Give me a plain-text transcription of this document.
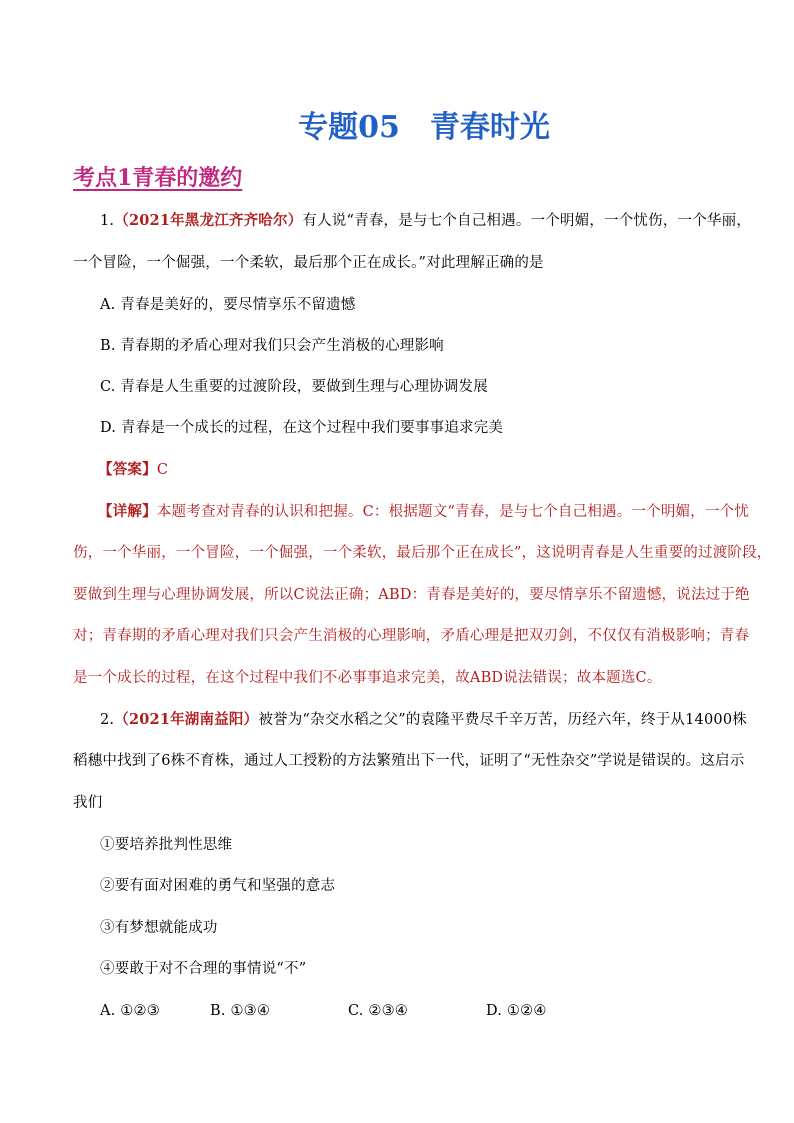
专题05 青春时光
考点1青春的邀约
1.（2021年黑龙江齐齐哈尔）有人说“青春，是与七个自己相遇。一个明媚，一个忧伤，一个华丽，
一个冒险，一个倔强，一个柔软，最后那个正在成长。”对此理解正确的是
A. 青春是美好的，要尽情享乐不留遗憾
B. 青春期的矛盾心理对我们只会产生消极的心理影响
C. 青春是人生重要的过渡阶段，要做到生理与心理协调发展
D. 青春是一个成长的过程，在这个过程中我们要事事追求完美
【答案】C
【详解】本题考查对青春的认识和把握。C：根据题文“青春，是与七个自己相遇。一个明媚，一个忧
伤，一个华丽，一个冒险，一个倔强，一个柔软，最后那个正在成长”，这说明青春是人生重要的过渡阶段，
要做到生理与心理协调发展，所以C说法正确；ABD：青春是美好的，要尽情享乐不留遗憾，说法过于绝
对；青春期的矛盾心理对我们只会产生消极的心理影响，矛盾心理是把双刃剑，不仅仅有消极影响；青春
是一个成长的过程，在这个过程中我们不必事事追求完美，故ABD说法错误；故本题选C。
2.（2021年湖南益阳）被誉为“杂交水稻之父”的袁隆平费尽千辛万苦，历经六年，终于从14000株
稻穗中找到了6株不育株，通过人工授粉的方法繁殖出下一代，证明了“无性杂交”学说是错误的。这启示
我们
①要培养批判性思维
②要有面对困难的勇气和坚强的意志
③有梦想就能成功
④要敢于对不合理的事情说“不”
A. ①②③	B. ①③④	C. ②③④	D. ①②④
